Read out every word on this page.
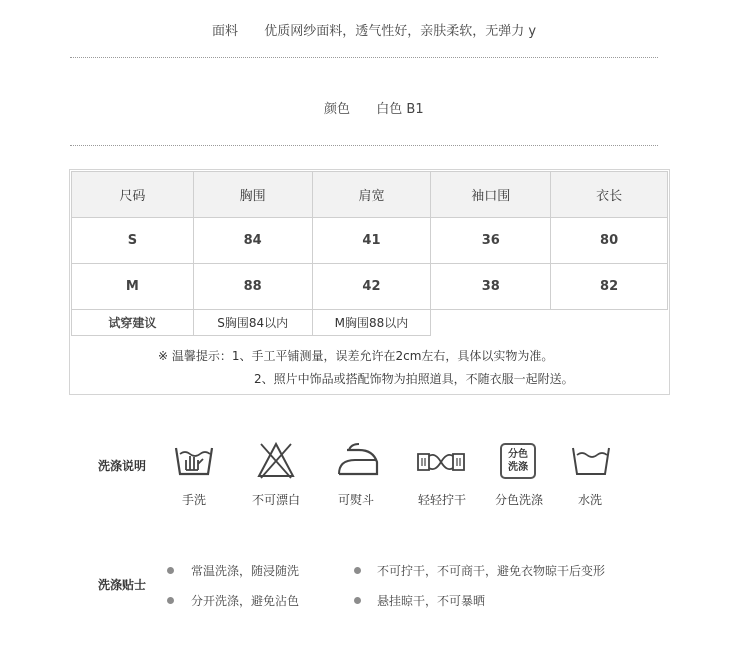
面料 优质网纱面料，透气性好，亲肤柔软，无弹力 y
颜色 白色 B1
尺码	胸围	肩宽	袖口围	衣长
S	84	41	36	80
M	88	42	38	82
试穿建议	S胸围84以内	M胸围88以内		
※ 温馨提示：1、手工平铺测量，误差允许在2cm左右，具体以实物为准。
2、照片中饰品或搭配饰物为拍照道具，不随衣服一起附送。
洗涤说明
手洗	不可漂白	可熨斗	轻轻拧干
分色
洗涤
分色洗涤	水洗
洗涤贴士
常温洗涤，随浸随洗	不可拧干，不可商干，避免衣物晾干后变形
分开洗涤，避免沾色	悬挂晾干，不可暴晒
